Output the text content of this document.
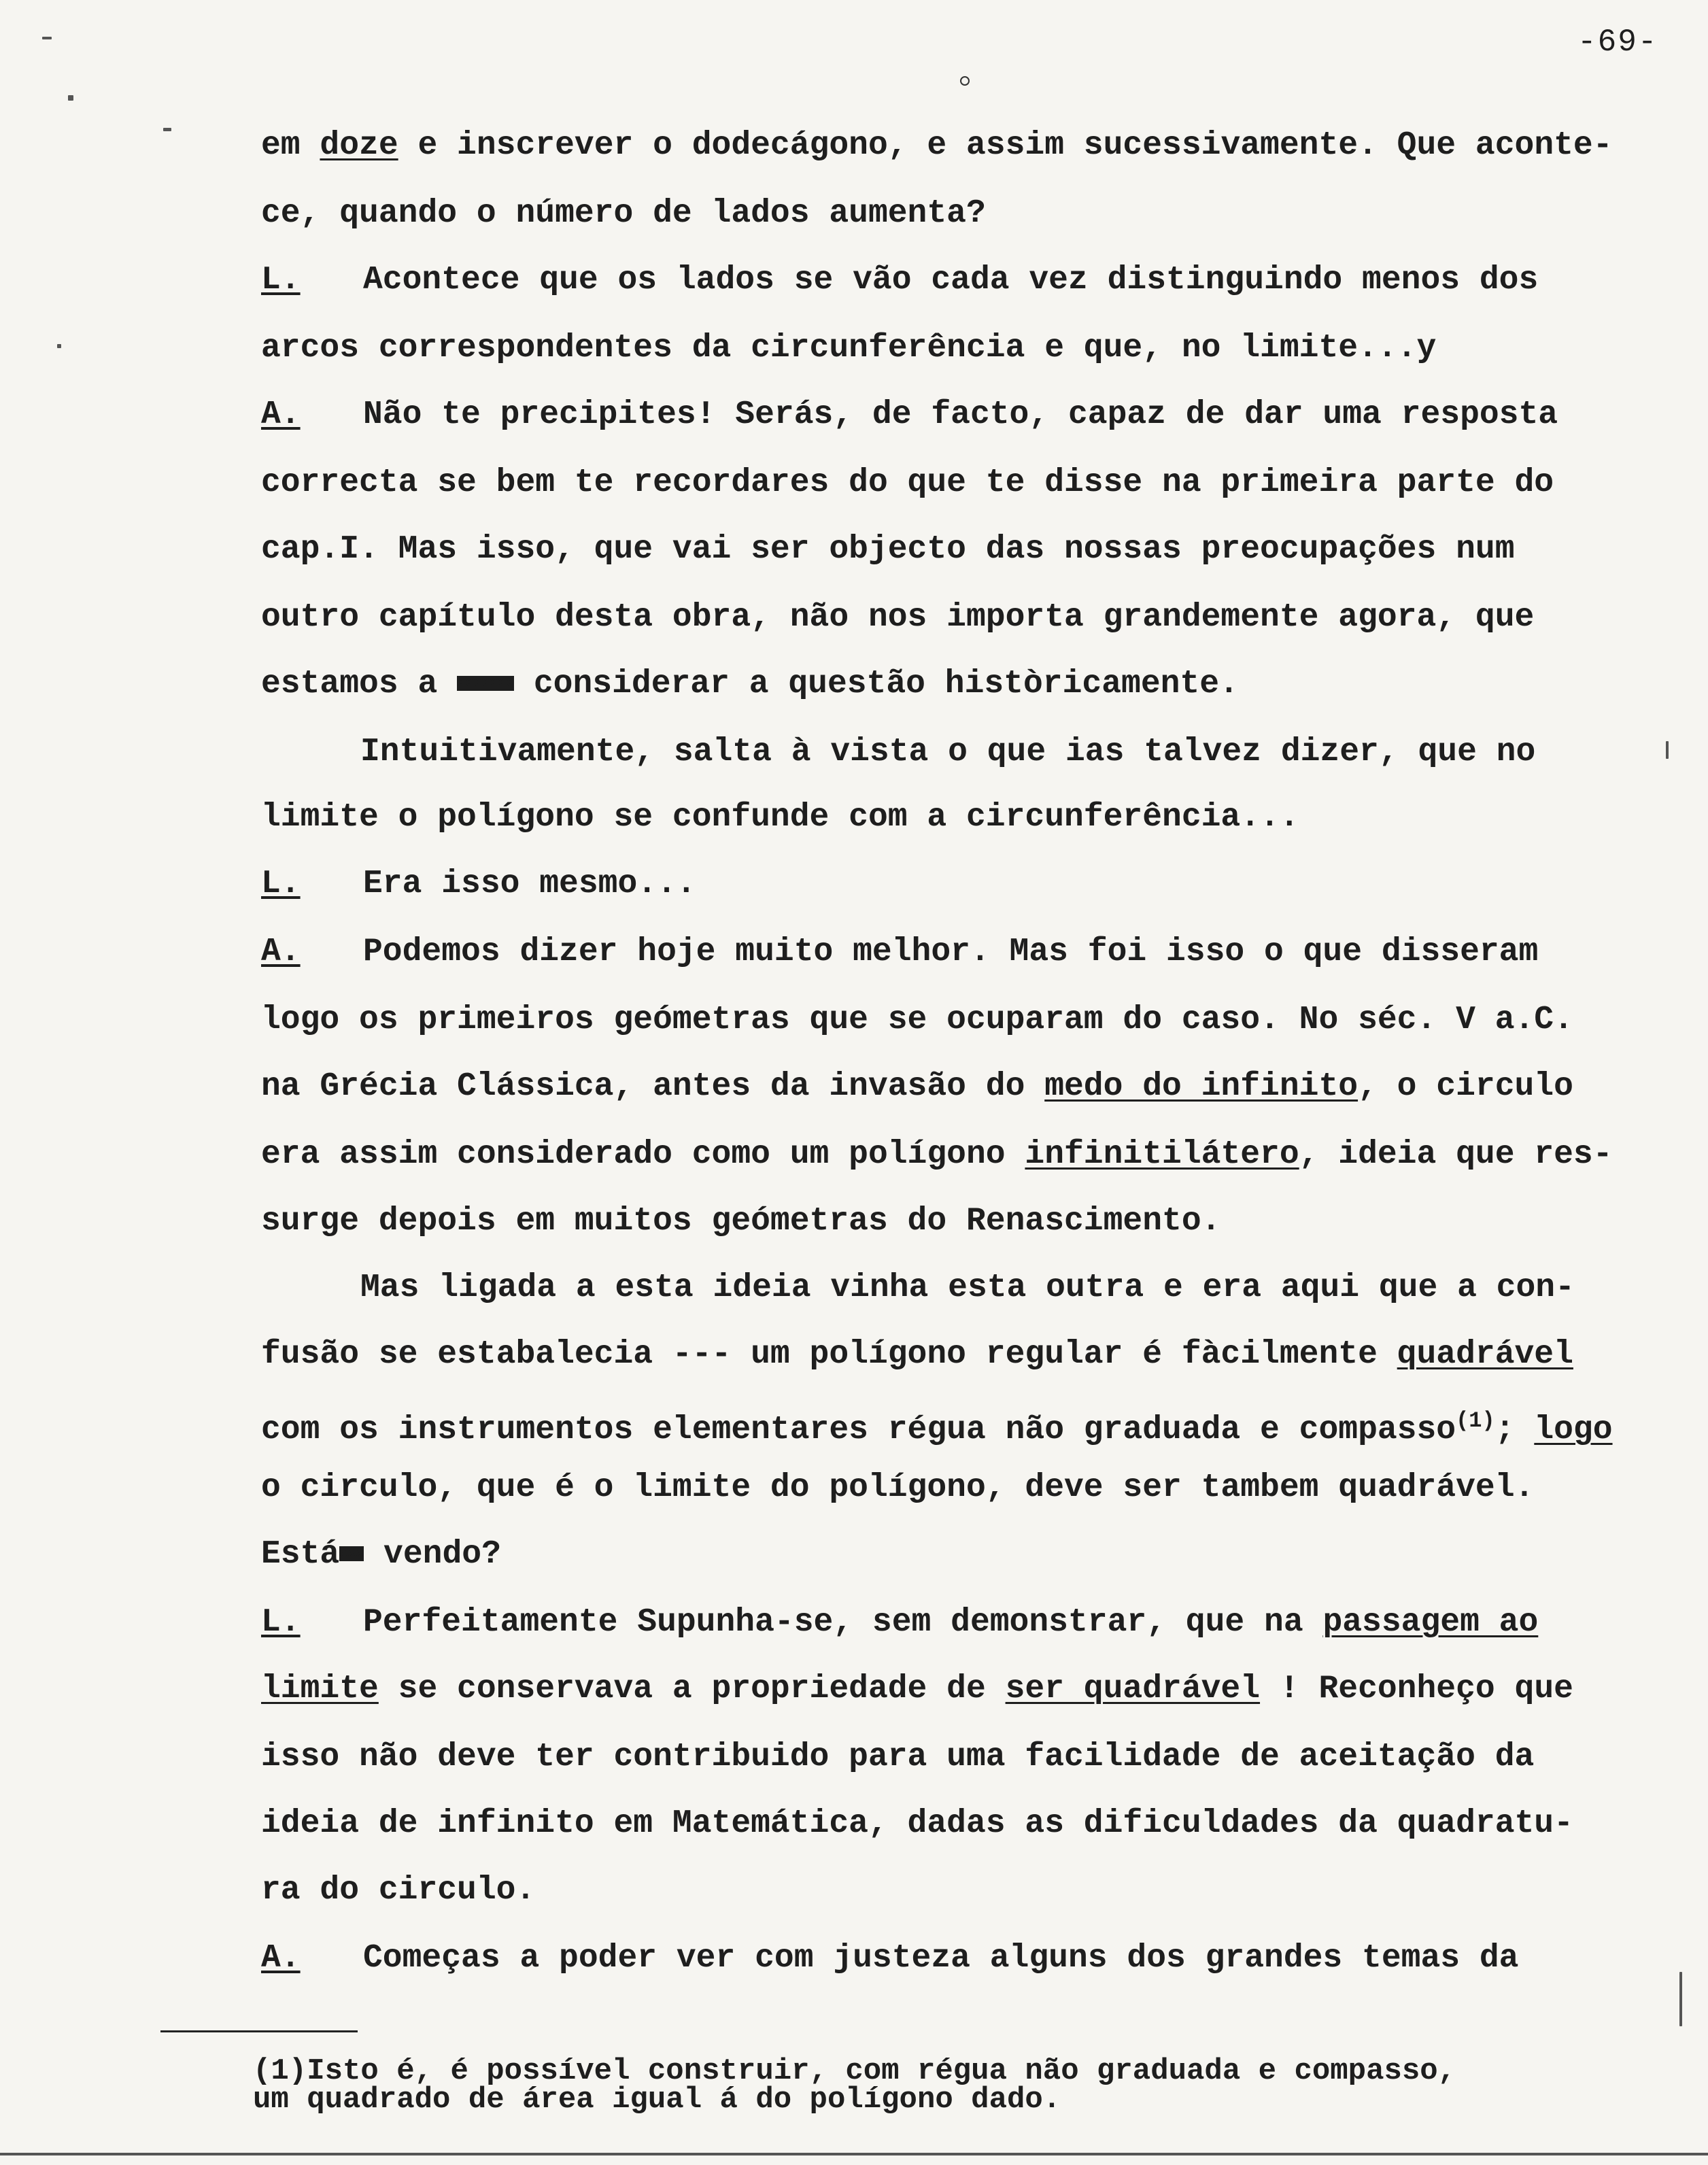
-69-
em doze e inscrever o dodecágono, e assim sucessivamente. Que aconte-
ce, quando o número de lados aumenta?
L. Acontece que os lados se vão cada vez distinguindo menos dos
arcos correspondentes da circunferência e que, no limite...y
A. Não te precipites! Serás, de facto, capaz de dar uma resposta
correcta se bem te recordares do que te disse na primeira parte do
cap.I. Mas isso, que vai ser objecto das nossas preocupações num
outro capítulo desta obra, não nos importa grandemente agora, que
estamos a xxxxxxx considerar a questão històricamente.
Intuitivamente, salta à vista o que ias talvez dizer, que no
limite o polígono se confunde com a circunferência...
L. Era isso mesmo...
A. Podemos dizer hoje muito melhor. Mas foi isso o que disseram
logo os primeiros geómetras que se ocuparam do caso. No séc. V a.C.
na Grécia Clássica, antes da invasão do medo do infinito, o circulo
era assim considerado como um polígono infinitilátero, ideia que res-
surge depois em muitos geómetras do Renascimento.
Mas ligada a esta ideia vinha esta outra e era aqui que a con-
fusão se estabalecia --- um polígono regular é fàcilmente quadrável
com os instrumentos elementares régua não graduada e compasso$^{(1)}$; logo
o circulo, que é o limite do polígono, deve ser tambem quadrável.
Estáxxx vendo?
L. Perfeitamente Supunha-se, sem demonstrar, que na passagem ao
limite se conservava a propriedade de ser quadrável ! Reconheço que
isso não deve ter contribuido para uma facilidade de aceitação da
ideia de infinito em Matemática, dadas as dificuldades da quadratu-
ra do circulo.
A. Começas a poder ver com justeza alguns dos grandes temas da
(1)Isto é, é possível construir, com régua não graduada e compasso,
um quadrado de área igual á do polígono dado.
